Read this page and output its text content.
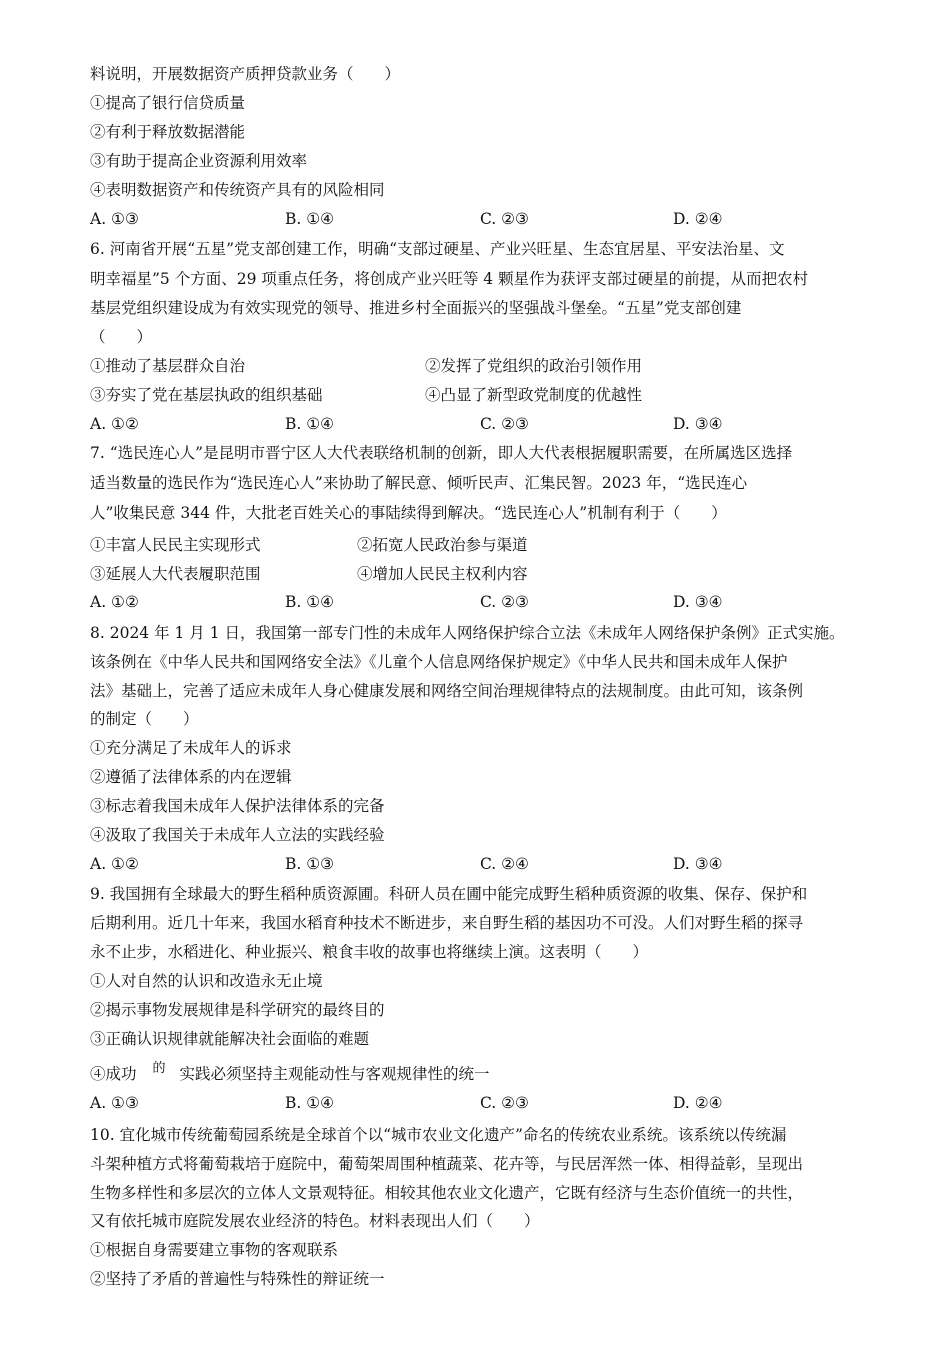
料说明，开展数据资产质押贷款业务（　　）
①提高了银行信贷质量
②有利于释放数据潜能
③有助于提高企业资源利用效率
④表明数据资产和传统资产具有的风险相同
A. ①③	B. ①④	C. ②③	D. ②④
6. 河南省开展“五星”党支部创建工作，明确“支部过硬星、产业兴旺星、生态宜居星、平安法治星、文
明幸福星”5 个方面、29 项重点任务，将创成产业兴旺等 4 颗星作为获评支部过硬星的前提，从而把农村
基层党组织建设成为有效实现党的领导、推进乡村全面振兴的坚强战斗堡垒。“五星”党支部创建
（　　）
①推动了基层群众自治	②发挥了党组织的政治引领作用
③夯实了党在基层执政的组织基础	④凸显了新型政党制度的优越性
A. ①②	B. ①④	C. ②③	D. ③④
7. “选民连心人”是昆明市晋宁区人大代表联络机制的创新，即人大代表根据履职需要，在所属选区选择
适当数量的选民作为“选民连心人”来协助了解民意、倾听民声、汇集民智。2023 年，“选民连心
人”收集民意 344 件，大批老百姓关心的事陆续得到解决。“选民连心人”机制有利于（　　）
①丰富人民民主实现形式	②拓宽人民政治参与渠道
③延展人大代表履职范围	④增加人民民主权利内容
A. ①②	B. ①④	C. ②③	D. ③④
8. 2024 年 1 月 1 日，我国第一部专门性的未成年人网络保护综合立法《未成年人网络保护条例》正式实施。
该条例在《中华人民共和国网络安全法》《儿童个人信息网络保护规定》《中华人民共和国未成年人保护
法》基础上，完善了适应未成年人身心健康发展和网络空间治理规律特点的法规制度。由此可知，该条例
的制定（　　）
①充分满足了未成年人的诉求
②遵循了法律体系的内在逻辑
③标志着我国未成年人保护法律体系的完备
④汲取了我国关于未成年人立法的实践经验
A. ①②	B. ①③	C. ②④	D. ③④
9. 我国拥有全球最大的野生稻种质资源圃。科研人员在圃中能完成野生稻种质资源的收集、保存、保护和
后期利用。近几十年来，我国水稻育种技术不断进步，来自野生稻的基因功不可没。人们对野生稻的探寻
永不止步，水稻进化、种业振兴、粮食丰收的故事也将继续上演。这表明（　　）
①人对自然的认识和改造永无止境
②揭示事物发展规律是科学研究的最终目的
③正确认识规律就能解决社会面临的难题
④成功 $^的$ 实践必须坚持主观能动性与客观规律性的统一
A. ①③	B. ①④	C. ②③	D. ②④
10. 宜化城市传统葡萄园系统是全球首个以“城市农业文化遗产”命名的传统农业系统。该系统以传统漏
斗架种植方式将葡萄栽培于庭院中，葡萄架周围种植蔬菜、花卉等，与民居浑然一体、相得益彰，呈现出
生物多样性和多层次的立体人文景观特征。相较其他农业文化遗产，它既有经济与生态价值统一的共性，
又有依托城市庭院发展农业经济的特色。材料表现出人们（　　）
①根据自身需要建立事物的客观联系
②坚持了矛盾的普遍性与特殊性的辩证统一
